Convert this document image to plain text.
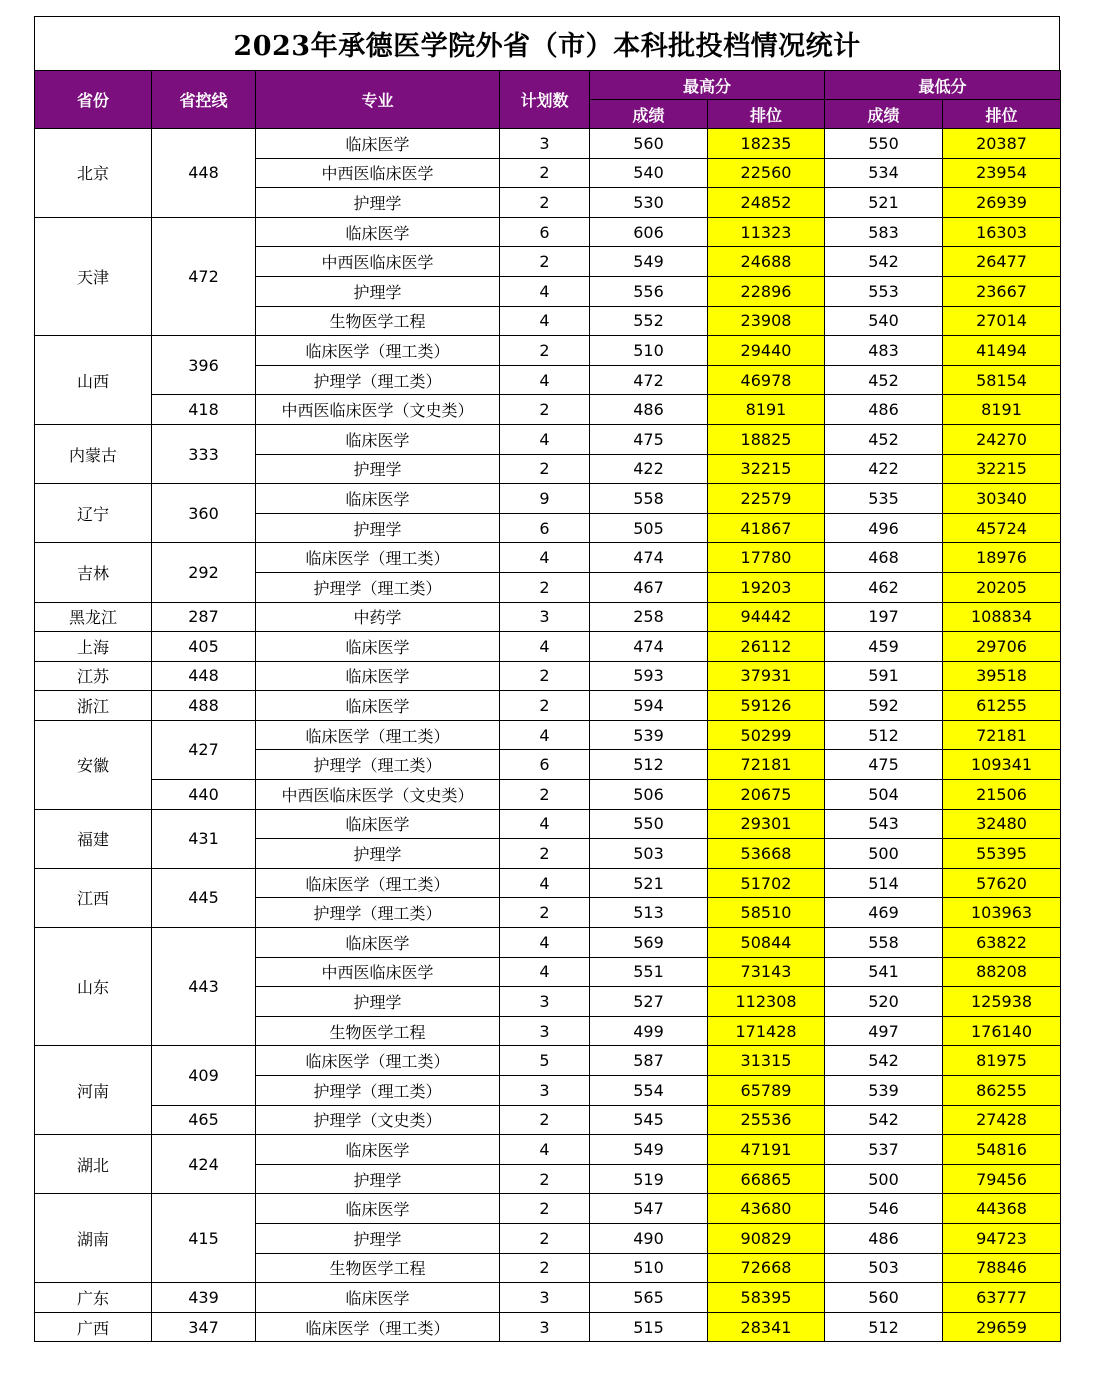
2023年承德医学院外省（市）本科批投档情况统计
省份	省控线	专业	计划数	最高分		最低分	
				成绩	排位	成绩	排位
北京	448	临床医学	3	560	18235	550	20387
		中西医临床医学	2	540	22560	534	23954
		护理学	2	530	24852	521	26939
天津	472	临床医学	6	606	11323	583	16303
		中西医临床医学	2	549	24688	542	26477
		护理学	4	556	22896	553	23667
		生物医学工程	4	552	23908	540	27014
山西	396	临床医学（理工类）	2	510	29440	483	41494
		护理学（理工类）	4	472	46978	452	58154
	418	中西医临床医学（文史类）	2	486	8191	486	8191
内蒙古	333	临床医学	4	475	18825	452	24270
		护理学	2	422	32215	422	32215
辽宁	360	临床医学	9	558	22579	535	30340
		护理学	6	505	41867	496	45724
吉林	292	临床医学（理工类）	4	474	17780	468	18976
		护理学（理工类）	2	467	19203	462	20205
黑龙江	287	中药学	3	258	94442	197	108834
上海	405	临床医学	4	474	26112	459	29706
江苏	448	临床医学	2	593	37931	591	39518
浙江	488	临床医学	2	594	59126	592	61255
安徽	427	临床医学（理工类）	4	539	50299	512	72181
		护理学（理工类）	6	512	72181	475	109341
	440	中西医临床医学（文史类）	2	506	20675	504	21506
福建	431	临床医学	4	550	29301	543	32480
		护理学	2	503	53668	500	55395
江西	445	临床医学（理工类）	4	521	51702	514	57620
		护理学（理工类）	2	513	58510	469	103963
山东	443	临床医学	4	569	50844	558	63822
		中西医临床医学	4	551	73143	541	88208
		护理学	3	527	112308	520	125938
		生物医学工程	3	499	171428	497	176140
河南	409	临床医学（理工类）	5	587	31315	542	81975
		护理学（理工类）	3	554	65789	539	86255
	465	护理学（文史类）	2	545	25536	542	27428
湖北	424	临床医学	4	549	47191	537	54816
		护理学	2	519	66865	500	79456
湖南	415	临床医学	2	547	43680	546	44368
		护理学	2	490	90829	486	94723
		生物医学工程	2	510	72668	503	78846
广东	439	临床医学	3	565	58395	560	63777
广西	347	临床医学（理工类）	3	515	28341	512	29659
